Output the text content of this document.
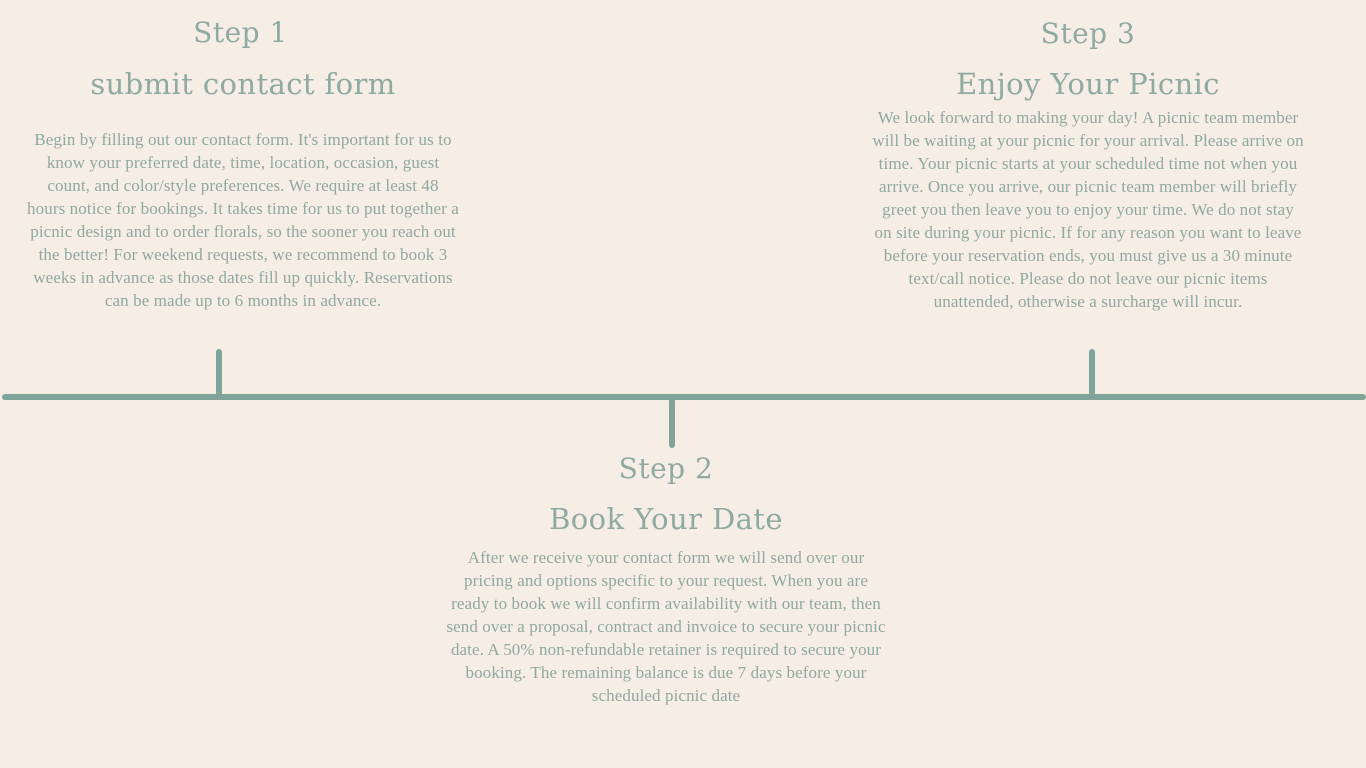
Step 1
submit contact form
Begin by filling out our contact form. It's important for us to know your preferred date, time, location, occasion, guest count, and color/style preferences. We require at least 48 hours notice for bookings. It takes time for us to put together a picnic design and to order florals, so the sooner you reach out the better! For weekend requests, we recommend to book 3 weeks in advance as those dates fill up quickly. Reservations can be made up to 6 months in advance.
Step 2
Book Your Date
After we receive your contact form we will send over our pricing and options specific to your request. When you are ready to book we will confirm availability with our team, then send over a proposal, contract and invoice to secure your picnic date. A 50% non-refundable retainer is required to secure your booking. The remaining balance is due 7 days before your scheduled picnic date
Step 3
Enjoy Your Picnic
We look forward to making your day! A picnic team member will be waiting at your picnic for your arrival. Please arrive on time. Your picnic starts at your scheduled time not when you arrive. Once you arrive, our picnic team member will briefly greet you then leave you to enjoy your time. We do not stay on site during your picnic. If for any reason you want to leave before your reservation ends, you must give us a 30 minute text/call notice. Please do not leave our picnic items unattended, otherwise a surcharge will incur.
